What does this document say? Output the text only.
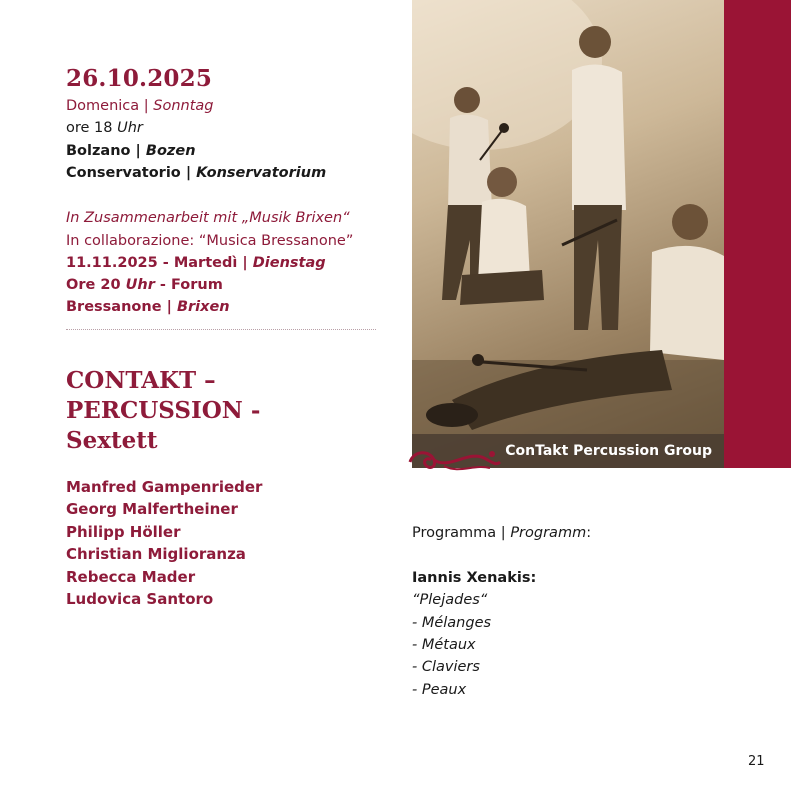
26.10.2025
Domenica | Sonntag
ore 18 Uhr
Bolzano | Bozen
Conservatorio | Konservatorium
In Zusammenarbeit mit „Musik Brixen“
In collaborazione: “Musica Bressanone”
11.11.2025 - Martedì | Dienstag
Ore 20 Uhr - Forum
Bressanone | Brixen
CONTAKT –
PERCUSSION -
Sextett
Manfred Gampenrieder
Georg Malfertheiner
Philipp Höller
Christian Miglioranza
Rebecca Mader
Ludovica Santoro
ConTakt Percussion Group
Programma | Programm:
Iannis Xenakis:
“Plejades“
- Mélanges
- Métaux
- Claviers
- Peaux
21
